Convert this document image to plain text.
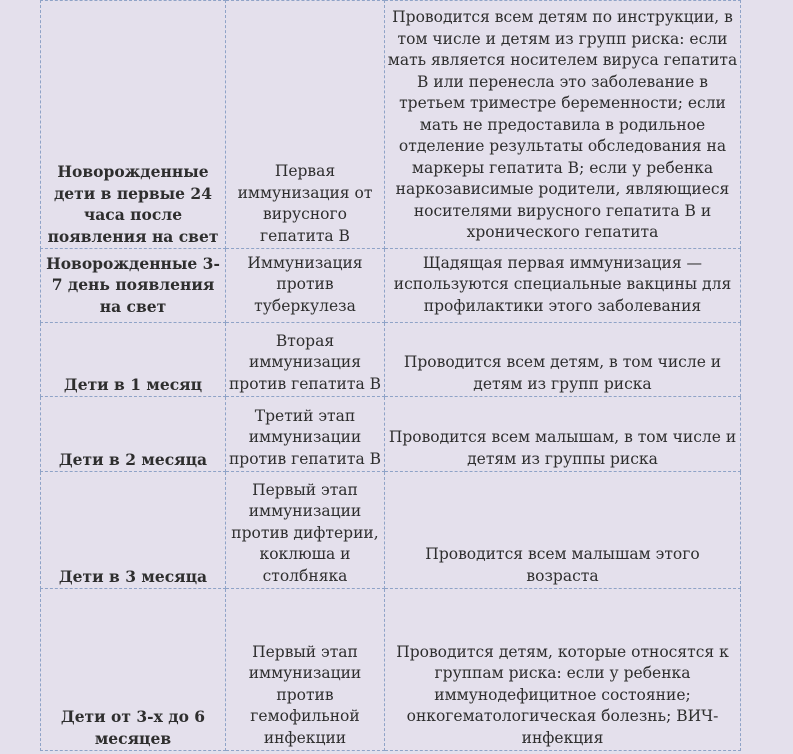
Новорожденные дети в первые 24 часа после появления на свет	Первая иммунизация от вирусного гепатита В	Проводится всем детям по инструкции, в том числе и детям из групп риска: если мать является носителем вируса гепатита В или перенесла это заболевание в третьем триместре беременности; если мать не предоставила в родильное отделение результаты обследования на маркеры гепатита В; если у ребенка наркозависимые родители, являющиеся носителями вирусного гепатита В и хронического гепатита
Новорожденные 3-7 день появления на свет	Иммунизация против туберкулеза	Щадящая первая иммунизация — используются специальные вакцины для профилактики этого заболевания
Дети в 1 месяц	Вторая иммунизация против гепатита В	Проводится всем детям, в том числе и детям из групп риска
Дети в 2 месяца	Третий этап иммунизации против гепатита В	Проводится всем малышам, в том числе и детям из группы риска
Дети в 3 месяца	Первый этап иммунизации против дифтерии, коклюша и столбняка	Проводится всем малышам этого возраста
Дети от 3-х до 6 месяцев	Первый этап иммунизации против гемофильной инфекции	Проводится детям, которые относятся к группам риска: если у ребенка иммунодефицитное состояние; онкогематологическая болезнь; ВИЧ-инфекция
